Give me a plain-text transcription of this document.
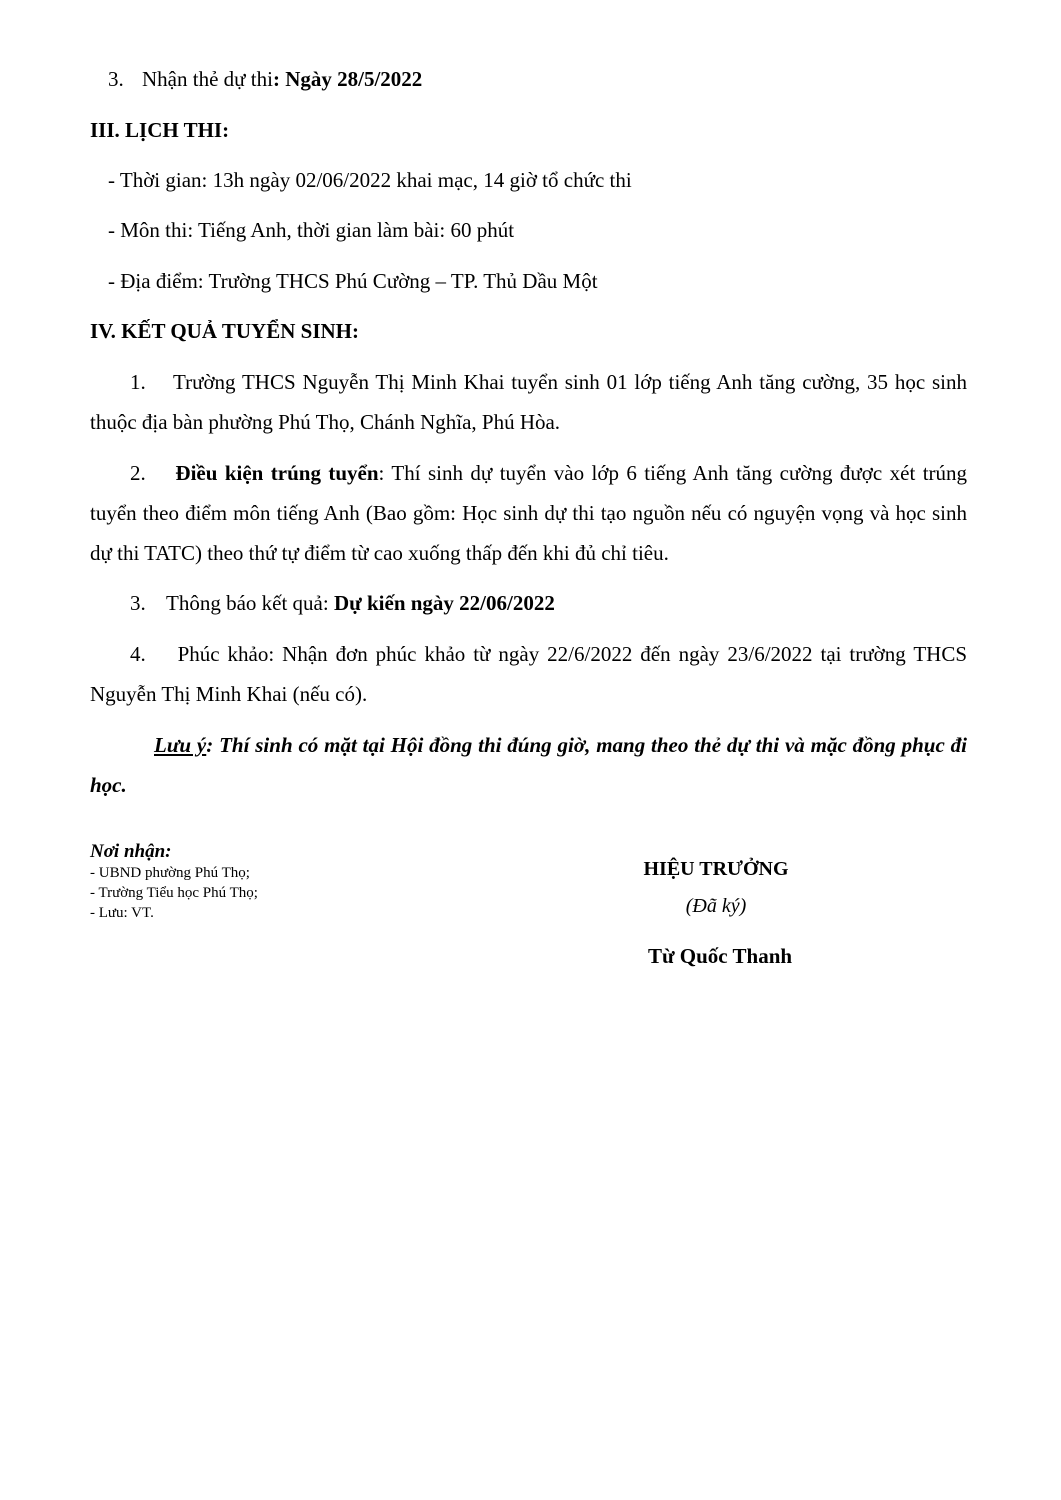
3. Nhận thẻ dự thi: Ngày 28/5/2022
III. LỊCH THI:
- Thời gian: 13h ngày 02/06/2022 khai mạc, 14 giờ tổ chức thi
- Môn thi: Tiếng Anh, thời gian làm bài: 60 phút
- Địa điểm: Trường THCS Phú Cường – TP. Thủ Dầu Một
IV. KẾT QUẢ TUYỂN SINH:
1. Trường THCS Nguyễn Thị Minh Khai tuyển sinh 01 lớp tiếng Anh tăng cường, 35 học sinh thuộc địa bàn phường Phú Thọ, Chánh Nghĩa, Phú Hòa.
2. Điều kiện trúng tuyển: Thí sinh dự tuyển vào lớp 6 tiếng Anh tăng cường được xét trúng tuyển theo điểm môn tiếng Anh (Bao gồm: Học sinh dự thi tạo nguồn nếu có nguyện vọng và học sinh dự thi TATC) theo thứ tự điểm từ cao xuống thấp đến khi đủ chỉ tiêu.
3. Thông báo kết quả: Dự kiến ngày 22/06/2022
4. Phúc khảo: Nhận đơn phúc khảo từ ngày 22/6/2022 đến ngày 23/6/2022 tại trường THCS Nguyễn Thị Minh Khai (nếu có).
Lưu ý: Thí sinh có mặt tại Hội đồng thi đúng giờ, mang theo thẻ dự thi và mặc đồng phục đi học.
Nơi nhận:
- UBND phường Phú Thọ;
- Trường Tiểu học Phú Thọ;
- Lưu: VT.
HIỆU TRƯỞNG
(Đã ký)
Từ Quốc Thanh
